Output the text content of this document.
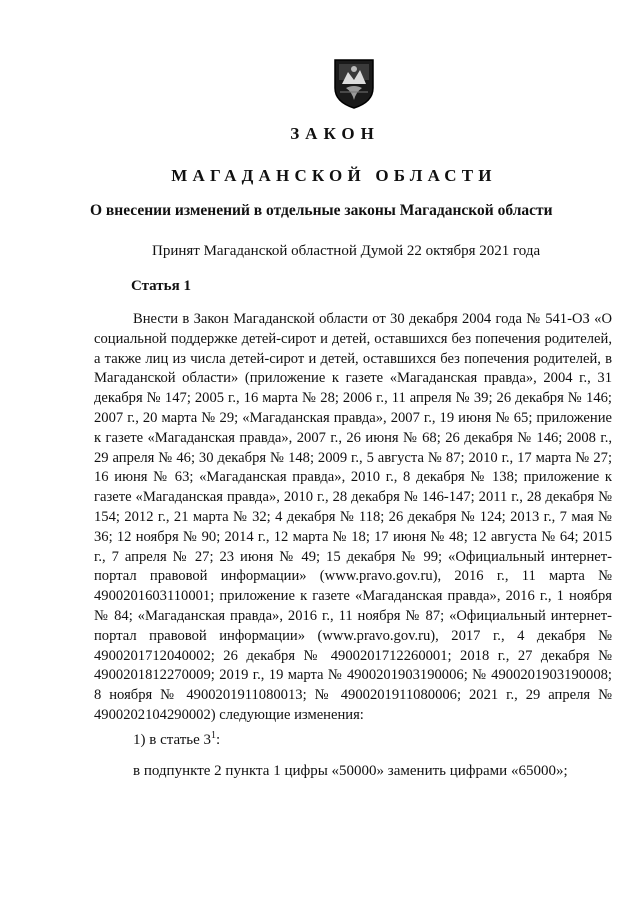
ЗАКОН
МАГАДАНСКОЙ ОБЛАСТИ
О внесении изменений в отдельные законы Магаданской области
Принят Магаданской областной Думой 22 октября 2021 года
Статья 1
Внести в Закон Магаданской области от 30 декабря 2004 года № 541-ОЗ «О социальной поддержке детей-сирот и детей, оставшихся без попечения родителей, а также лиц из числа детей-сирот и детей, оставшихся без попечения родителей, в Магаданской области» (приложение к газете «Магаданская правда», 2004 г., 31 декабря № 147; 2005 г., 16 марта № 28; 2006 г., 11 апреля № 39; 26 декабря № 146; 2007 г., 20 марта № 29; «Магаданская правда», 2007 г., 19 июня № 65; приложение к газете «Магаданская правда», 2007 г., 26 июня № 68; 26 декабря № 146; 2008 г., 29 апреля № 46; 30 декабря № 148; 2009 г., 5 августа № 87; 2010 г., 17 марта № 27; 16 июня № 63; «Магаданская правда», 2010 г., 8 декабря № 138; приложение к газете «Магаданская правда», 2010 г., 28 декабря № 146-147; 2011 г., 28 декабря № 154; 2012 г., 21 марта № 32; 4 декабря № 118; 26 декабря № 124; 2013 г., 7 мая № 36; 12 ноября № 90; 2014 г., 12 марта № 18; 17 июня № 48; 12 августа № 64; 2015 г., 7 апреля № 27; 23 июня № 49; 15 декабря № 99; «Официальный интернет-портал правовой информации» (www.pravo.gov.ru), 2016 г., 11 марта № 4900201603110001; приложение к газете «Магаданская правда», 2016 г., 1 ноября № 84; «Магаданская правда», 2016 г., 11 ноября № 87; «Официальный интернет-портал правовой информации» (www.pravo.gov.ru), 2017 г., 4 декабря № 4900201712040002; 26 декабря № 4900201712260001; 2018 г., 27 декабря № 4900201812270009; 2019 г., 19 марта № 4900201903190006; № 4900201903190008; 8 ноября № 4900201911080013; № 4900201911080006; 2021 г., 29 апреля № 4900202104290002) следующие изменения:
1) в статье $3^1$:
в подпункте 2 пункта 1 цифры «50000» заменить цифрами «65000»;
